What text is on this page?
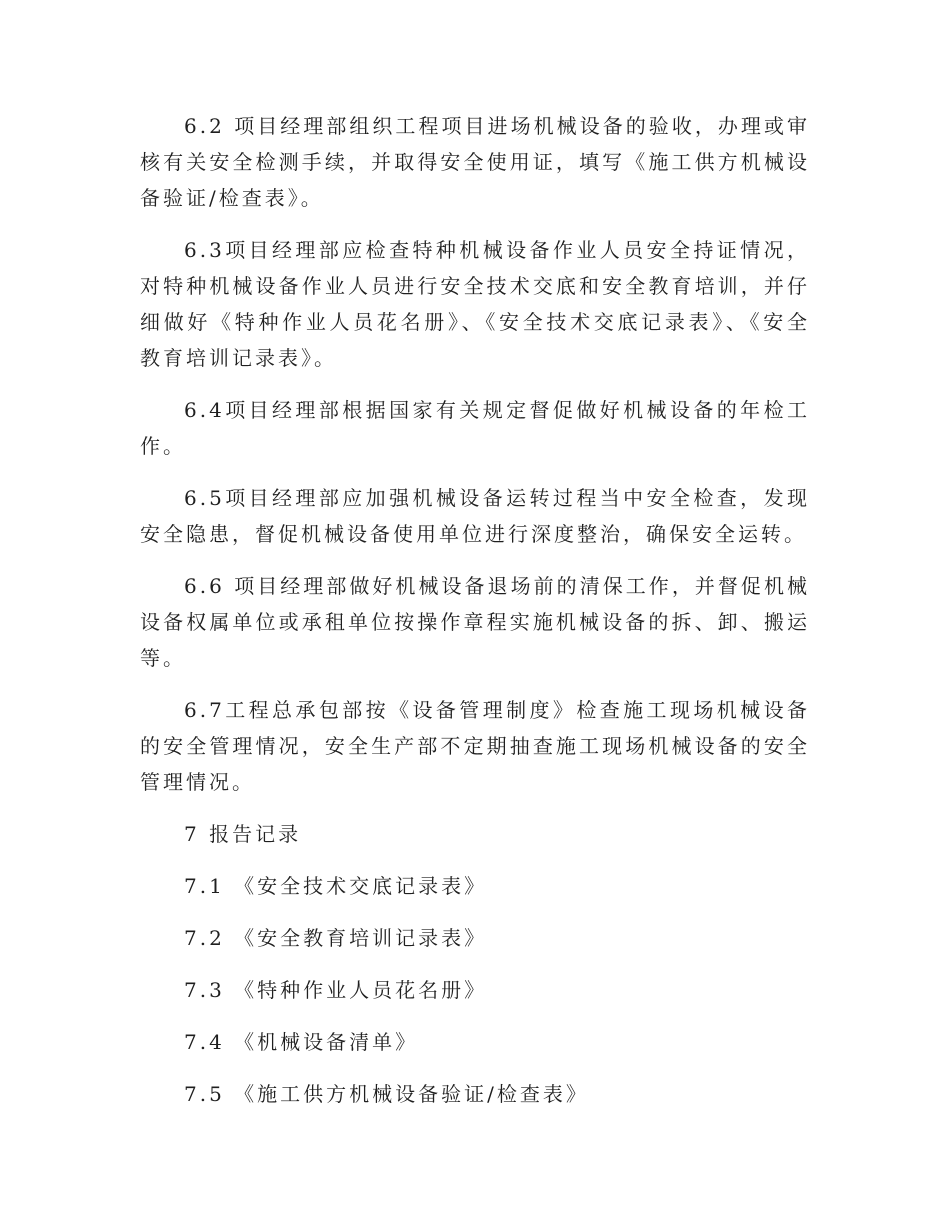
6.2 项目经理部组织工程项目进场机械设备的验收，办理或审核有关安全检测手续，并取得安全使用证，填写《施工供方机械设备验证/检查表》。

6.3项目经理部应检查特种机械设备作业人员安全持证情况，对特种机械设备作业人员进行安全技术交底和安全教育培训，并仔细做好《特种作业人员花名册》、《安全技术交底记录表》、《安全教育培训记录表》。

6.4项目经理部根据国家有关规定督促做好机械设备的年检工作。

6.5项目经理部应加强机械设备运转过程当中安全检查，发现安全隐患，督促机械设备使用单位进行深度整治，确保安全运转。

6.6 项目经理部做好机械设备退场前的清保工作，并督促机械设备权属单位或承租单位按操作章程实施机械设备的拆、卸、搬运等。

6.7工程总承包部按《设备管理制度》检查施工现场机械设备的安全管理情况，安全生产部不定期抽查施工现场机械设备的安全管理情况。

7 报告记录

7.1 《安全技术交底记录表》

7.2 《安全教育培训记录表》

7.3 《特种作业人员花名册》

7.4 《机械设备清单》

7.5 《施工供方机械设备验证/检查表》
